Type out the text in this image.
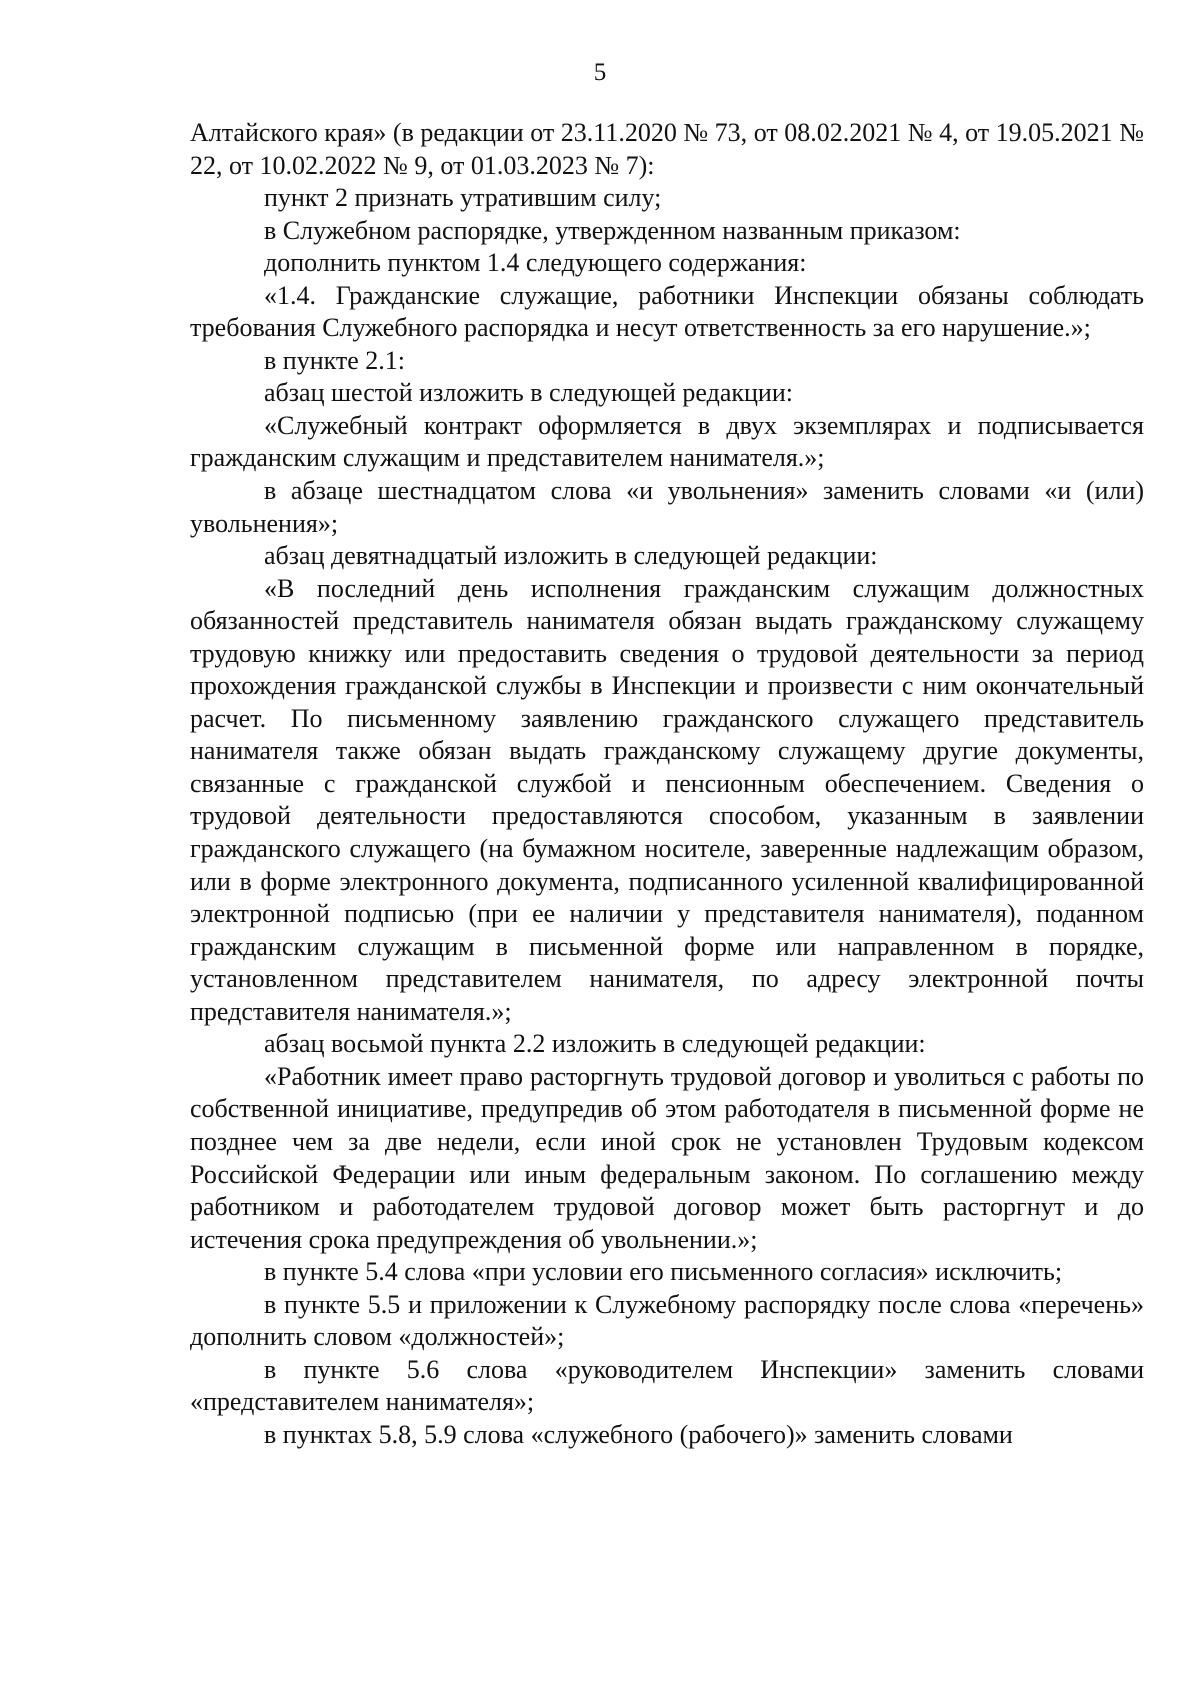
5

Алтайского края» (в редакции от 23.11.2020 № 73, от 08.02.2021 № 4, от 19.05.2021 № 22, от 10.02.2022 № 9, от 01.03.2023 № 7):

пункт 2 признать утратившим силу;

в Служебном распорядке, утвержденном названным приказом:

дополнить пунктом 1.4 следующего содержания:

«1.4. Гражданские служащие, работники Инспекции обязаны соблюдать требования Служебного распорядка и несут ответственность за его нарушение.»;

в пункте 2.1:

абзац шестой изложить в следующей редакции:

«Служебный контракт оформляется в двух экземплярах и подписывается гражданским служащим и представителем нанимателя.»;

в абзаце шестнадцатом слова «и увольнения» заменить словами «и (или) увольнения»;

абзац девятнадцатый изложить в следующей редакции:

«В последний день исполнения гражданским служащим должностных обязанностей представитель нанимателя обязан выдать гражданскому служащему трудовую книжку или предоставить сведения о трудовой деятельности за период прохождения гражданской службы в Инспекции и произвести с ним окончательный расчет. По письменному заявлению гражданского служащего представитель нанимателя также обязан выдать гражданскому служащему другие документы, связанные с гражданской службой и пенсионным обеспечением. Сведения о трудовой деятельности предоставляются способом, указанным в заявлении гражданского служащего (на бумажном носителе, заверенные надлежащим образом, или в форме электронного документа, подписанного усиленной квалифицированной электронной подписью (при ее наличии у представителя нанимателя), поданном гражданским служащим в письменной форме или направленном в порядке, установленном представителем нанимателя, по адресу электронной почты представителя нанимателя.»;

абзац восьмой пункта 2.2 изложить в следующей редакции:

«Работник имеет право расторгнуть трудовой договор и уволиться с работы по собственной инициативе, предупредив об этом работодателя в письменной форме не позднее чем за две недели, если иной срок не установлен Трудовым кодексом Российской Федерации или иным федеральным законом. По соглашению между работником и работодателем трудовой договор может быть расторгнут и до истечения срока предупреждения об увольнении.»;

в пункте 5.4 слова «при условии его письменного согласия» исключить;

в пункте 5.5 и приложении к Служебному распорядку после слова «перечень» дополнить словом «должностей»;

в пункте 5.6 слова «руководителем Инспекции» заменить словами «представителем нанимателя»;

в пунктах 5.8, 5.9 слова «служебного (рабочего)» заменить словами
